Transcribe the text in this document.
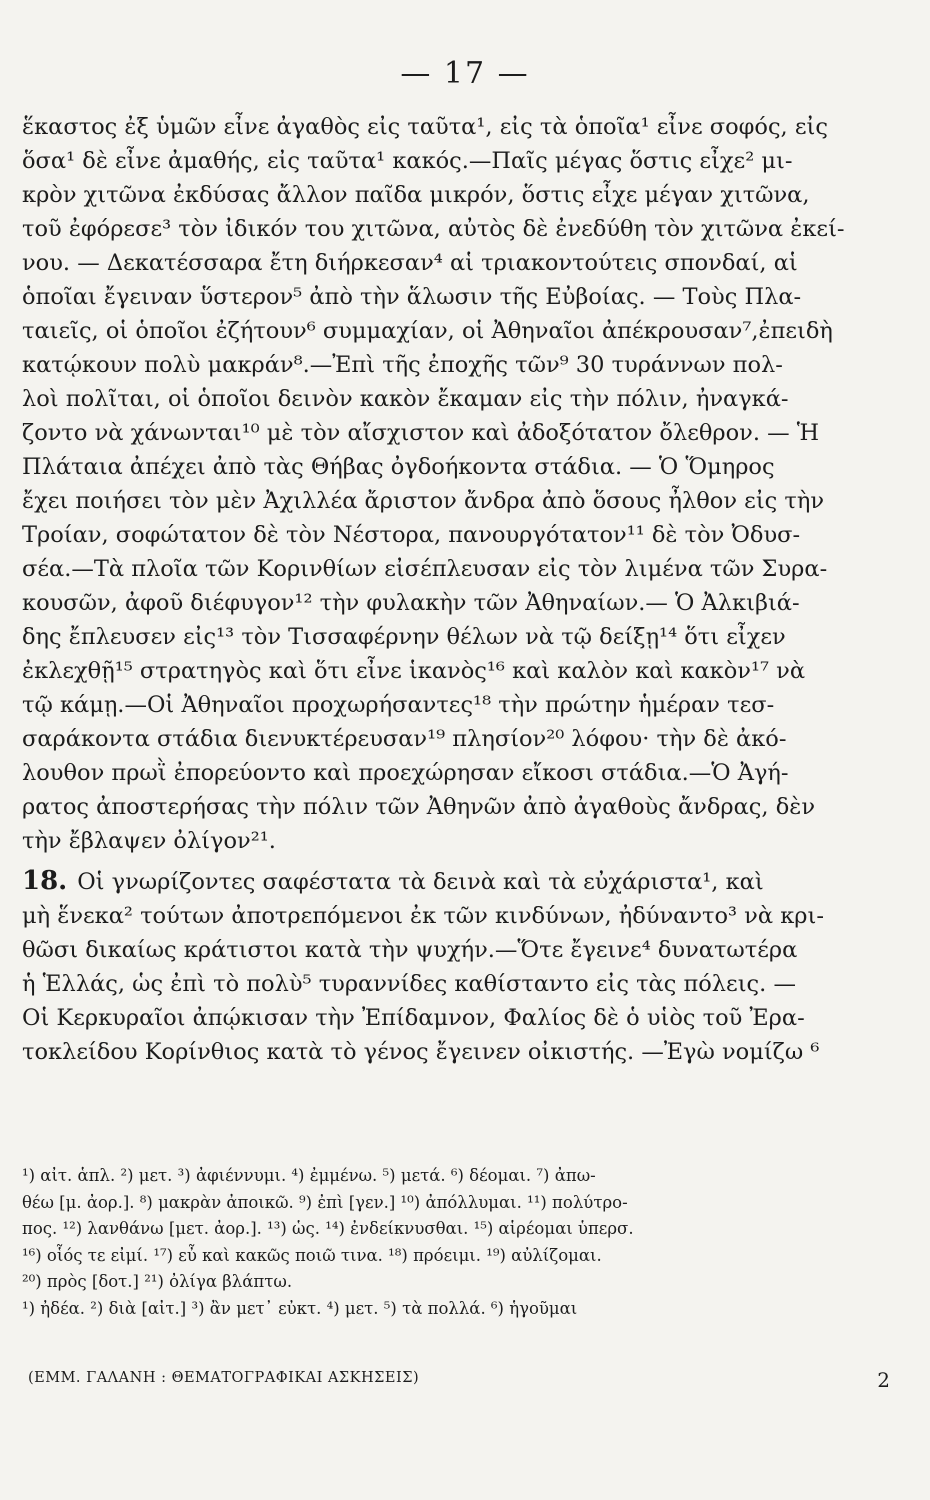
— 17 —
ἕκαστος ἐξ ὑμῶν εἶνε ἀγαθὸς εἰς ταῦτα¹, εἰς τὰ ὁποῖα¹ εἶνε σοφός, εἰς
ὅσα¹ δὲ εἶνε ἀμαθής, εἰς ταῦτα¹ κακός.—Παῖς μέγας ὅστις εἶχε² μι-
κρὸν χιτῶνα ἐκδύσας ἄλλον παῖδα μικρόν, ὅστις εἶχε μέγαν χιτῶνα,
τοῦ ἐφόρεσε³ τὸν ἰδικόν του χιτῶνα, αὐτὸς δὲ ἐνεδύθη τὸν χιτῶνα ἐκεί-
νου. — Δεκατέσσαρα ἔτη διήρκεσαν⁴ αἱ τριακοντούτεις σπονδαί, αἱ
ὁποῖαι ἔγειναν ὕστερον⁵ ἀπὸ τὴν ἅλωσιν τῆς Εὐβοίας. — Τοὺς Πλα-
ταιεῖς, οἱ ὁποῖοι ἐζήτουν⁶ συμμαχίαν, οἱ Ἀθηναῖοι ἀπέκρουσαν⁷,ἐπειδὴ
κατῴκουν πολὺ μακράν⁸.—Ἐπὶ τῆς ἐποχῆς τῶν⁹ 30 τυράννων πολ-
λοὶ πολῖται, οἱ ὁποῖοι δεινὸν κακὸν ἔκαμαν εἰς τὴν πόλιν, ἠναγκά-
ζοντο νὰ χάνωνται¹⁰ μὲ τὸν αἴσχιστον καὶ ἀδοξότατον ὄλεθρον. — Ἡ
Πλάταια ἀπέχει ἀπὸ τὰς Θήβας ὀγδοήκοντα στάδια. — Ὁ Ὅμηρος
ἔχει ποιήσει τὸν μὲν Ἀχιλλέα ἄριστον ἄνδρα ἀπὸ ὅσους ἦλθον εἰς τὴν
Τροίαν, σοφώτατον δὲ τὸν Νέστορα, πανουργότατον¹¹ δὲ τὸν Ὀδυσ-
σέα.—Τὰ πλοῖα τῶν Κορινθίων εἰσέπλευσαν εἰς τὸν λιμένα τῶν Συρα-
κουσῶν, ἀφοῦ διέφυγον¹² τὴν φυλακὴν τῶν Ἀθηναίων.— Ὁ Ἀλκιβιά-
δης ἔπλευσεν εἰς¹³ τὸν Τισσαφέρνην θέλων νὰ τῷ δείξῃ¹⁴ ὅτι εἶχεν
ἐκλεχθῇ¹⁵ στρατηγὸς καὶ ὅτι εἶνε ἱκανὸς¹⁶ καὶ καλὸν καὶ κακὸν¹⁷ νὰ
τῷ κάμῃ.—Οἱ Ἀθηναῖοι προχωρήσαντες¹⁸ τὴν πρώτην ἡμέραν τεσ-
σαράκοντα στάδια διενυκτέρευσαν¹⁹ πλησίον²⁰ λόφου· τὴν δὲ ἀκό-
λουθον πρωῒ ἐπορεύοντο καὶ προεχώρησαν εἴκοσι στάδια.—Ὁ Ἀγή-
ρατος ἀποστερήσας τὴν πόλιν τῶν Ἀθηνῶν ἀπὸ ἀγαθοὺς ἄνδρας, δὲν
τὴν ἔβλαψεν ὀλίγον²¹.
18. Οἱ γνωρίζοντες σαφέστατα τὰ δεινὰ καὶ τὰ εὐχάριστα¹, καὶ
μὴ ἕνεκα² τούτων ἀποτρεπόμενοι ἐκ τῶν κινδύνων, ἠδύναντο³ νὰ κρι-
θῶσι δικαίως κράτιστοι κατὰ τὴν ψυχήν.—Ὅτε ἔγεινε⁴ δυνατωτέρα
ἡ Ἑλλάς, ὡς ἐπὶ τὸ πολὺ⁵ τυραννίδες καθίσταντο εἰς τὰς πόλεις. —
Οἱ Κερκυραῖοι ἀπῴκισαν τὴν Ἐπίδαμνον, Φαλίος δὲ ὁ υἱὸς τοῦ Ἐρα-
τοκλείδου Κορίνθιος κατὰ τὸ γένος ἔγεινεν οἰκιστής. —Ἐγὼ νομίζω ⁶
¹) αἰτ. ἁπλ. ²) μετ. ³) ἀφιέννυμι. ⁴) ἐμμένω. ⁵) μετά. ⁶) δέομαι. ⁷) ἀπω-
θέω [μ. ἀορ.]. ⁸) μακρὰν ἀποικῶ. ⁹) ἐπὶ [γεν.] ¹⁰) ἀπόλλυμαι. ¹¹) πολύτρο-
πος. ¹²) λανθάνω [μετ. ἀορ.]. ¹³) ὡς. ¹⁴) ἐνδείκνυσθαι. ¹⁵) αἱρέομαι ὑπερσ.
¹⁶) οἷός τε εἰμί. ¹⁷) εὖ καὶ κακῶς ποιῶ τινα. ¹⁸) πρόειμι. ¹⁹) αὐλίζομαι.
²⁰) πρὸς [δοτ.] ²¹) ὀλίγα βλάπτω.
¹) ἠδέα. ²) διὰ [αἰτ.] ³) ἂν μετ᾽ εὐκτ. ⁴) μετ. ⁵) τὰ πολλά. ⁶) ἡγοῦμαι
(ΕΜΜ. ΓΑΛΑΝΗ : ΘΕΜΑΤΟΓΡΑΦΙΚΑΙ ΑΣΚΗΣΕΙΣ)	2
